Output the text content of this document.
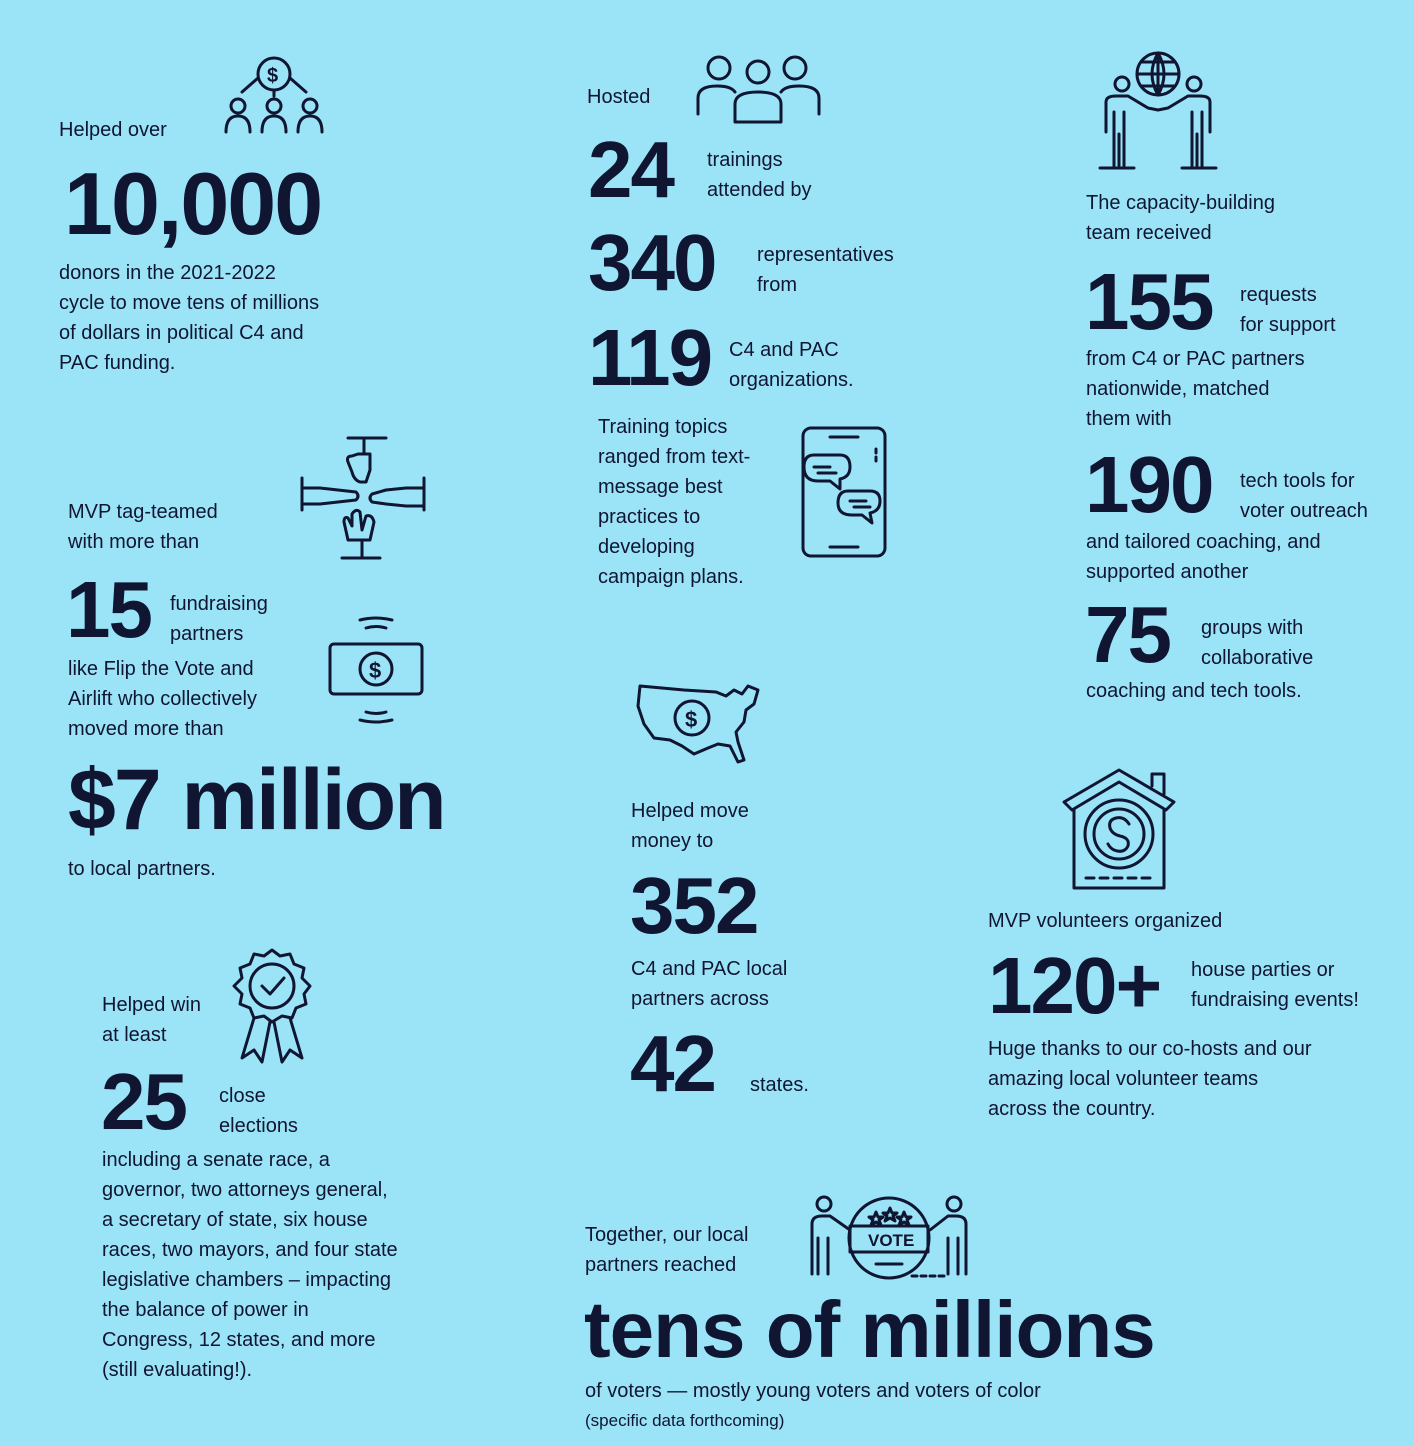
Helped over

$

10,000

donors in the 2021-2022
cycle to move tens of millions
of dollars in political C4 and
PAC funding.

Hosted

24 trainings
attended by

340 representatives
from

119 C4 and PAC
organizations.

Training topics
ranged from text-
message best
practices to
developing
campaign plans.

The capacity-building
team received

155 requests
for support

from C4 or PAC partners
nationwide, matched
them with

190 tech tools for
voter outreach

and tailored coaching, and
supported another

75 groups with
collaborative

coaching and tech tools.

MVP tag-teamed
with more than

15 fundraising
partners

like Flip the Vote and
Airlift who collectively
moved more than

$

$7 million

to local partners.

$

Helped move
money to

352

C4 and PAC local
partners across

42 states.

MVP volunteers organized

120+ house parties or
fundraising events!

Huge thanks to our co-hosts and our
amazing local volunteer teams
across the country.

Helped win
at least

25 close
elections

including a senate race, a
governor, two attorneys general,
a secretary of state, six house
races, two mayors, and four state
legislative chambers – impacting
the balance of power in
Congress, 12 states, and more
(still evaluating!).

Together, our local
partners reached

VOTE

tens of millions

of voters — mostly young voters and voters of color

(specific data forthcoming)
